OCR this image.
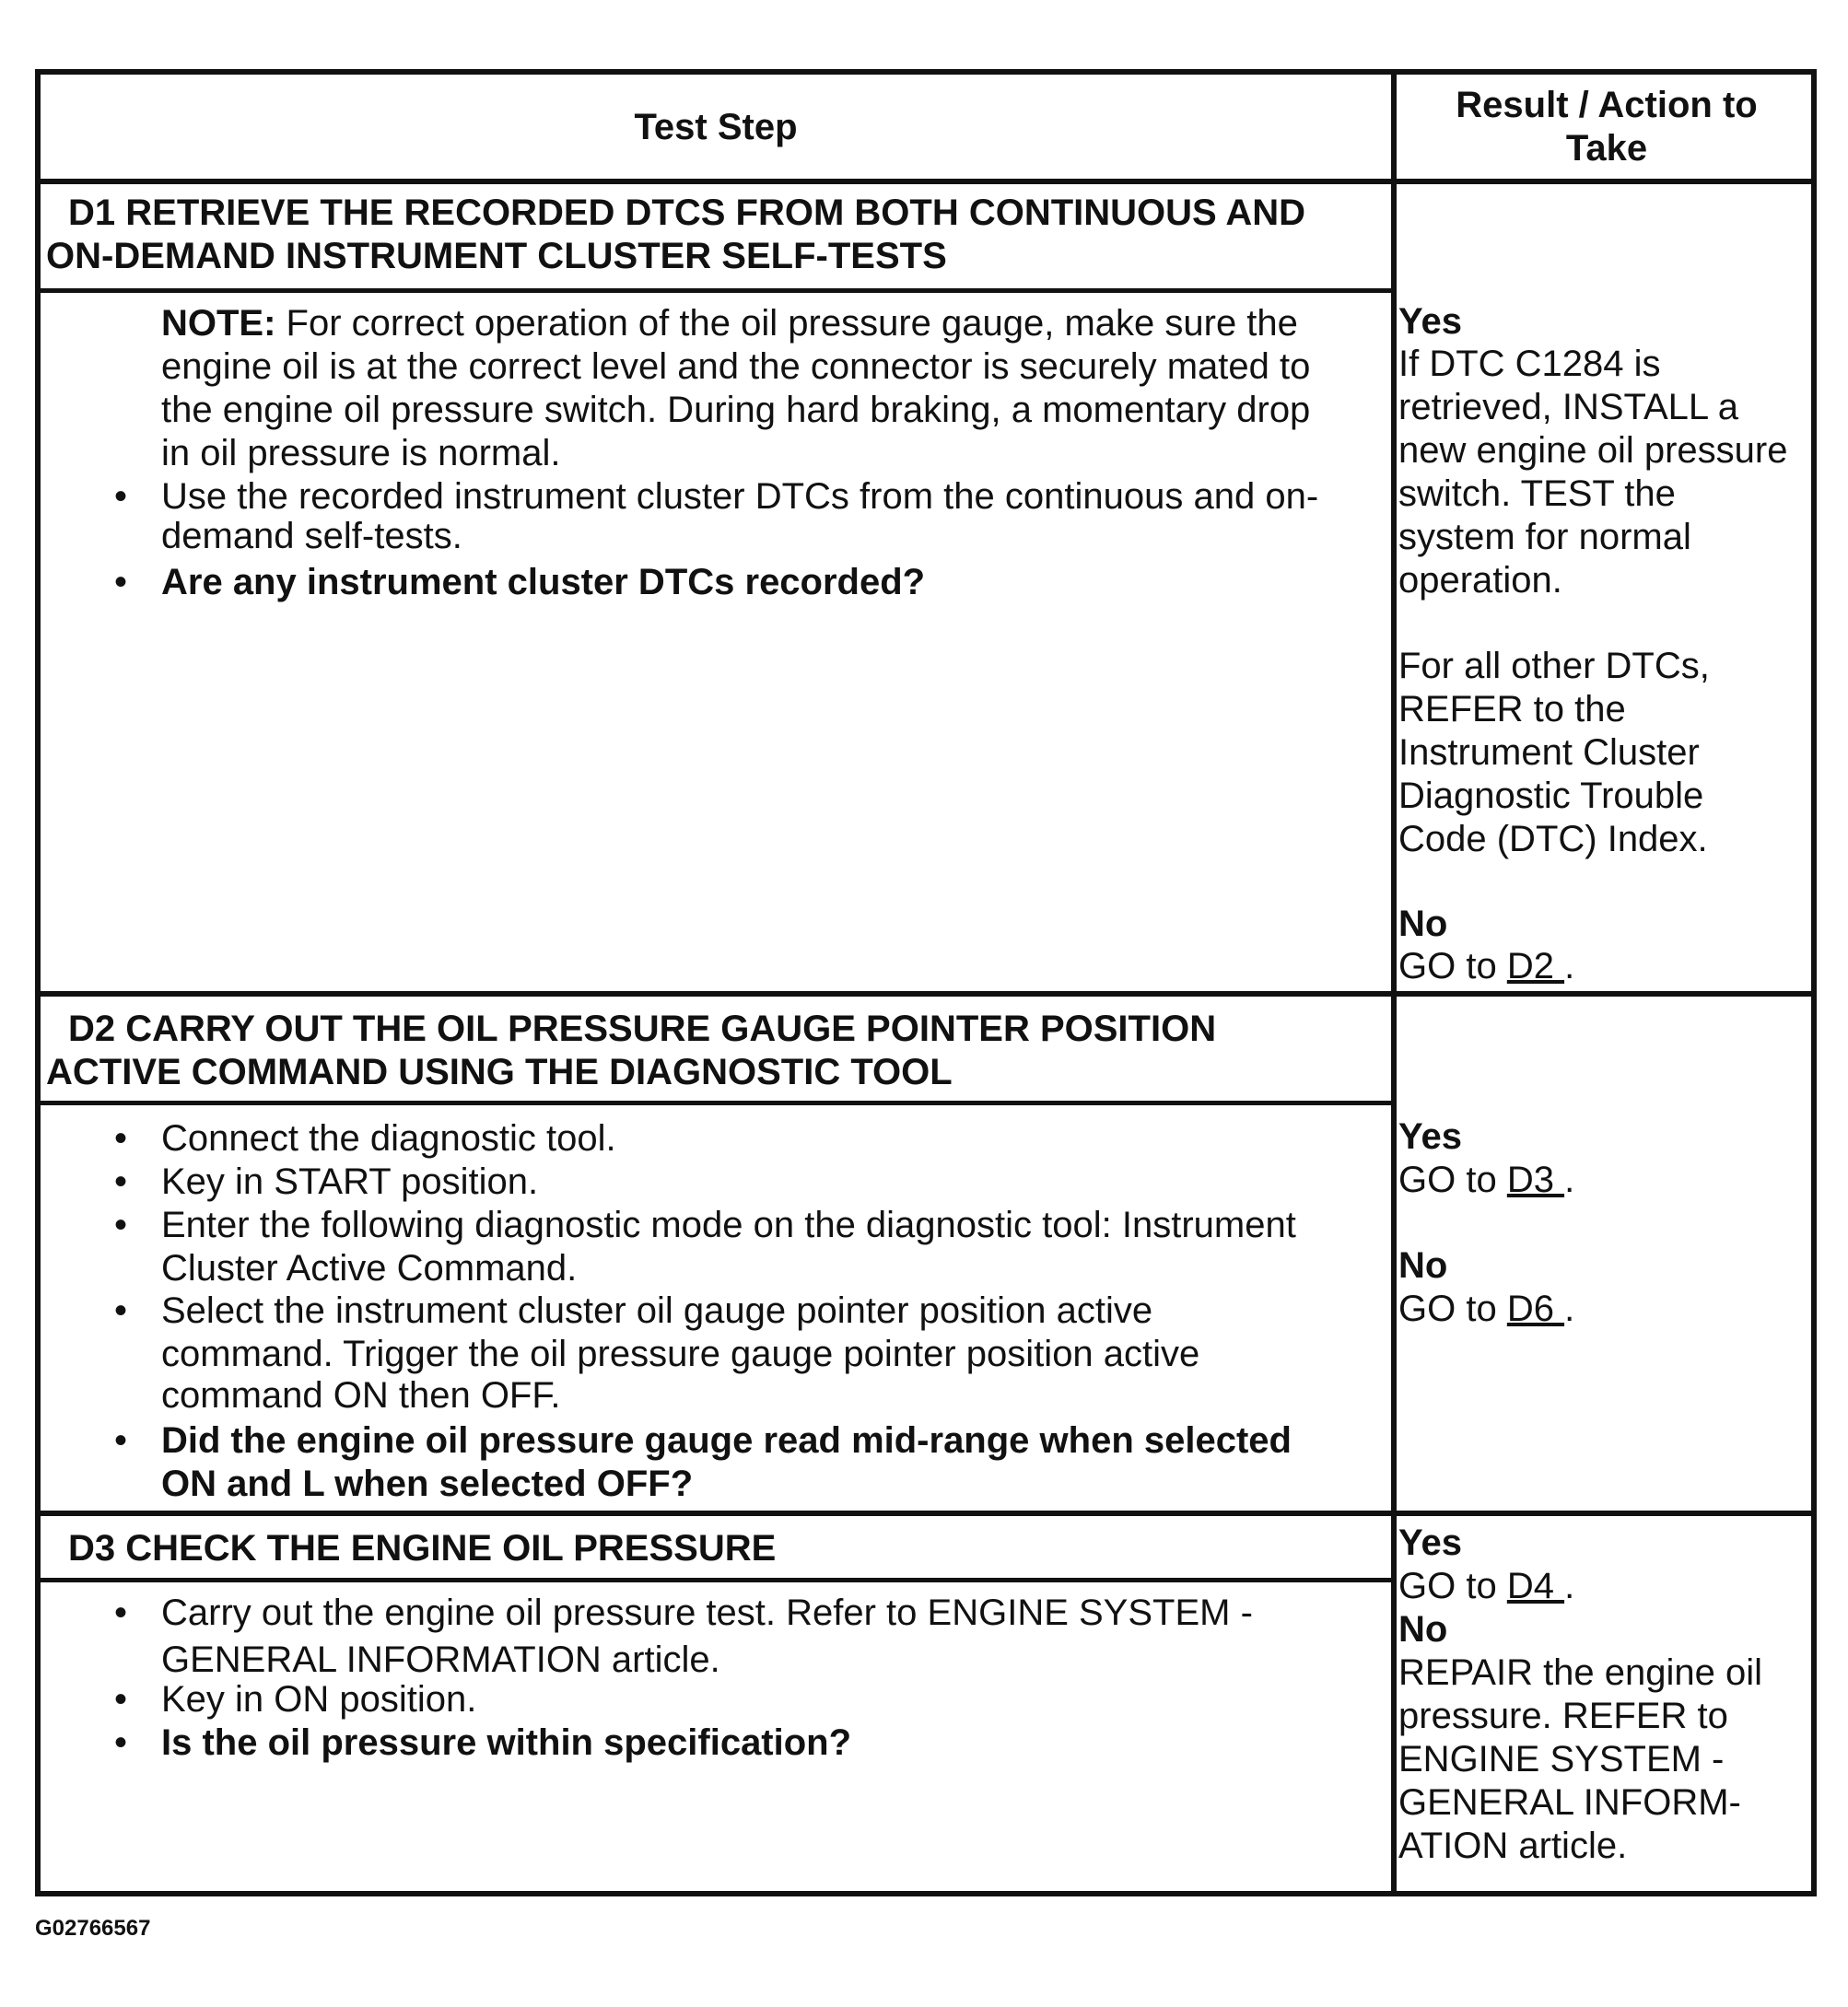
Test Step
Result / Action to Take
D1 RETRIEVE THE RECORDED DTCS FROM BOTH CONTINUOUS AND
ON-DEMAND INSTRUMENT CLUSTER SELF-TESTS
NOTE: For correct operation of the oil pressure gauge, make sure the
engine oil is at the correct level and the connector is securely mated to
the engine oil pressure switch. During hard braking, a momentary drop
in oil pressure is normal.
• Use the recorded instrument cluster DTCs from the continuous and on-
demand self-tests.
• Are any instrument cluster DTCs recorded?
Yes
If DTC C1284 is
retrieved, INSTALL a
new engine oil pressure
switch. TEST the
system for normal
operation.
For all other DTCs,
REFER to the
Instrument Cluster
Diagnostic Trouble
Code (DTC) Index.
No
GO to D2 .
D2 CARRY OUT THE OIL PRESSURE GAUGE POINTER POSITION
ACTIVE COMMAND USING THE DIAGNOSTIC TOOL
• Connect the diagnostic tool.
• Key in START position.
• Enter the following diagnostic mode on the diagnostic tool: Instrument
Cluster Active Command.
• Select the instrument cluster oil gauge pointer position active
command. Trigger the oil pressure gauge pointer position active
command ON then OFF.
• Did the engine oil pressure gauge read mid-range when selected
ON and L when selected OFF?
Yes
GO to D3 .
No
GO to D6 .
D3 CHECK THE ENGINE OIL PRESSURE
• Carry out the engine oil pressure test. Refer to ENGINE SYSTEM -
GENERAL INFORMATION article.
• Key in ON position.
• Is the oil pressure within specification?
Yes
GO to D4 .
No
REPAIR the engine oil
pressure. REFER to
ENGINE SYSTEM -
GENERAL INFORM-
ATION article.
G02766567
